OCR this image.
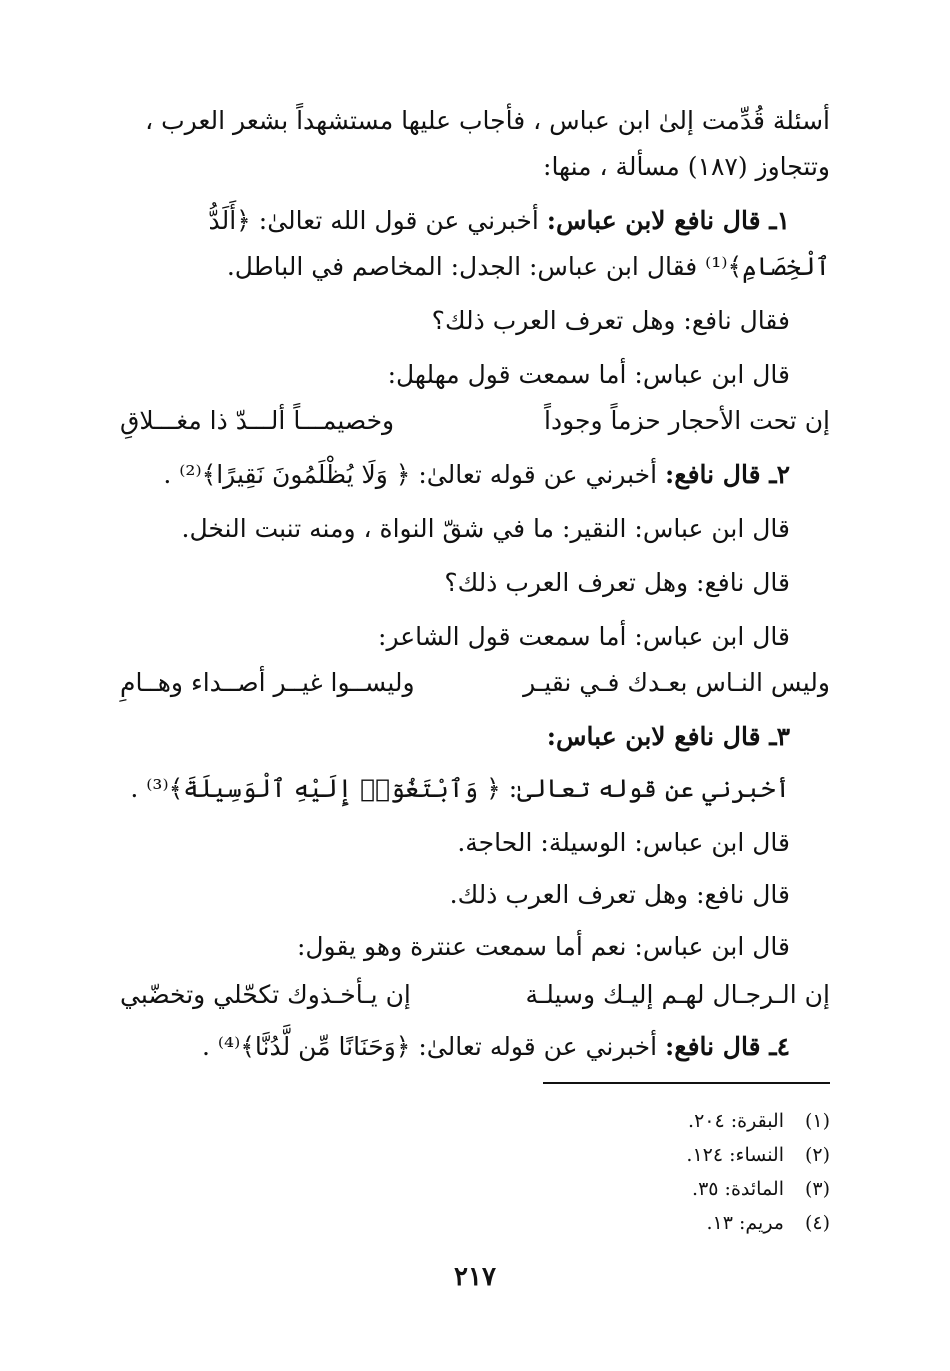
أسئلة قُدِّمت إلىٰ ابن عباس ، فأجاب عليها مستشهداً بشعر العرب ،
وتتجاوز (١٨٧) مسألة ، منها:
١ـ قال نافع لابن عباس: أخبرني عن قول الله تعالىٰ: ﴿أَلَدُّ
ٱلْخِصَامِ﴾⁽¹⁾ فقال ابن عباس: الجدل: المخاصم في الباطل.
فقال نافع: وهل تعرف العرب ذلك؟
قال ابن عباس: أما سمعت قول مهلهل:
إن تحت الأحجار حزماً وجوداً
وخصيمـــاً ألـــدّ ذا مغـــلاقِ
٢ـ قال نافع: أخبرني عن قوله تعالىٰ: ﴿ وَلَا يُظْلَمُونَ نَقِيرًا﴾⁽²⁾ .
قال ابن عباس: النقير: ما في شقّ النواة ، ومنه تنبت النخل.
قال نافع: وهل تعرف العرب ذلك؟
قال ابن عباس: أما سمعت قول الشاعر:
وليس النـاس بعـدك فـي نقيـر
وليســوا غيــر أصــداء وهــامِ
٣ـ قال نافع لابن عباس:
أخبرني عن قوله تعالىٰ: ﴿ وَٱبْتَغُوٓا۟ إِلَيْهِ ٱلْوَسِيلَةَ﴾⁽³⁾ .
قال ابن عباس: الوسيلة: الحاجة.
قال نافع: وهل تعرف العرب ذلك.
قال ابن عباس: نعم أما سمعت عنترة وهو يقول:
إن الـرجـال لهـم إليـك وسيلـة
إن يـأخـذوك تكحّلي وتخضّبي
٤ـ قال نافع: أخبرني عن قوله تعالىٰ: ﴿وَحَنَانًا مِّن لَّدُنَّا﴾⁽⁴⁾ .
(١)البقرة: ٢٠٤.
(٢)النساء: ١٢٤.
(٣)المائدة: ٣٥.
(٤)مريم: ١٣.
٢١٧
